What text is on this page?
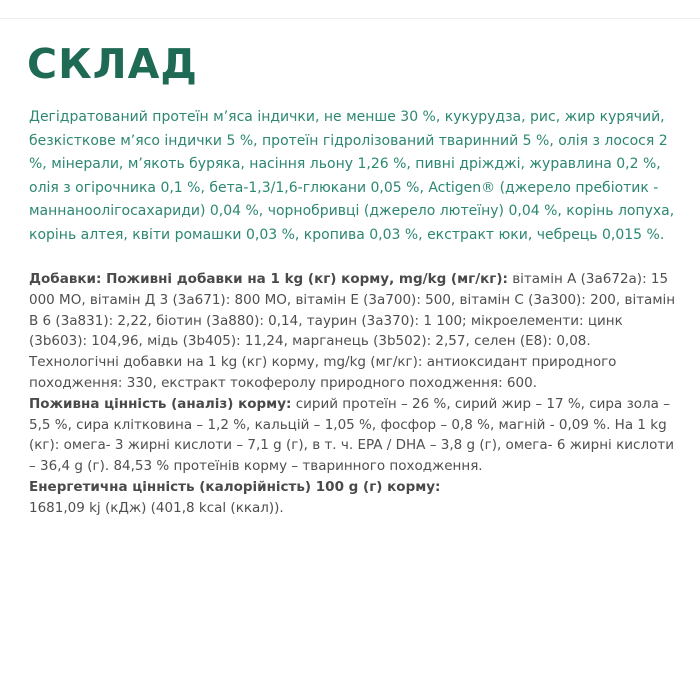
СКЛАД

Дегідратований протеїн м’яса індички, не менше 30 %, кукурудза, рис, жир курячий, безкісткове м’ясо індички 5 %, протеїн гідролізований тваринний 5 %, олія з лосося 2 %, мінерали, м’якоть буряка, насіння льону 1,26 %, пивні дріжджі, журавлина 0,2 %, олія з огірочника 0,1 %, бета-1,3/1,6-глюкани 0,05 %, Actigen® (джерело пребіотик - маннаноолігосахариди) 0,04 %, чорнобривці (джерело лютеїну) 0,04 %, корінь лопуха, корінь алтея, квіти ромашки 0,03 %, кропива 0,03 %, екстракт юки, чебрець 0,015 %.

Добавки: Поживні добавки на 1 kg (кг) корму, mg/kg (мг/кг): вітамін А (3a672a): 15 000 МО, вітамін Д 3 (3a671): 800 МО, вітамін Е (3a700): 500, вітамін С (3a300): 200, вітамін В 6 (3a831): 2,22, біотин (3a880): 0,14, таурин (3a370): 1 100; мікроелементи: цинк (3b603): 104,96, мідь (3b405): 11,24, марганець (3b502): 2,57, селен (E8): 0,08. Технологічні добавки на 1 kg (кг) корму, mg/kg (мг/кг): антиоксидант природного походження: 330, екстракт токоферолу природного походження: 600.

Поживна цінність (аналіз) корму: сирий протеїн – 26 %, сирий жир – 17 %, сира зола – 5,5 %, сира клітковина – 1,2 %, кальцій – 1,05 %, фосфор – 0,8 %, магній - 0,09 %. На 1 kg (кг): омега- 3 жирні кислоти – 7,1 g (г), в т. ч. EPA / DHA – 3,8 g (г), омега- 6 жирні кислоти – 36,4 g (г). 84,53 % протеїнів корму – тваринного походження.

Енергетична цінність (калорійність) 100 g (г) корму:

1681,09 kj (кДж) (401,8 kcal (ккал)).
